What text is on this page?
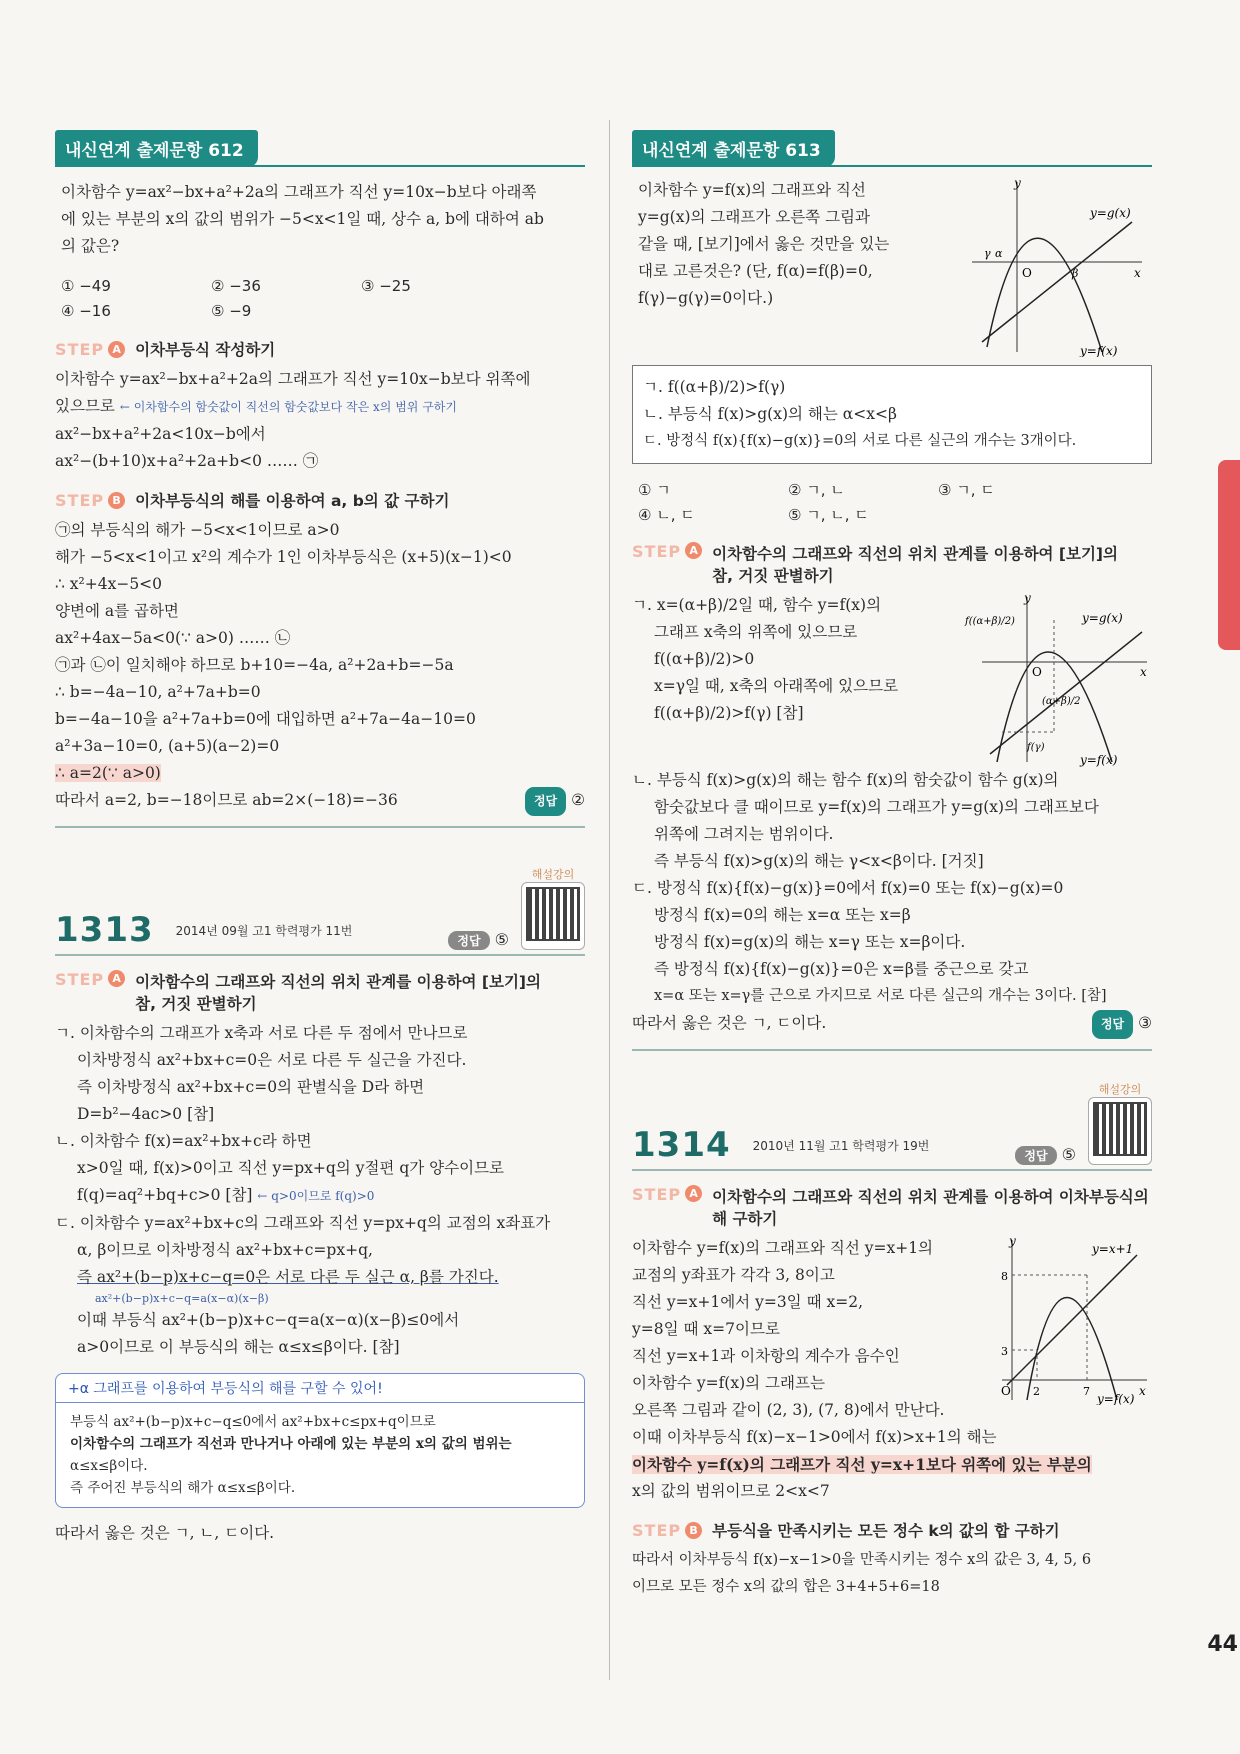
44
내신연계 출제문항 612

이차함수 y=ax²−bx+a²+2a의 그래프가 직선 y=10x−b보다 아래쪽

에 있는 부분의 x의 값의 범위가 −5<x<1일 때, 상수 a, b에 대하여 ab

의 값은?

① −49	② −36	③ −25
④ −16	⑤ −9
STEP A 이차부등식 작성하기

이차함수 y=ax²−bx+a²+2a의 그래프가 직선 y=10x−b보다 위쪽에

있으므로 ← 이차함수의 함숫값이 직선의 함숫값보다 작은 x의 범위 구하기

ax²−bx+a²+2a<10x−b에서

ax²−(b+10)x+a²+2a+b<0 …… ㉠

STEP B 이차부등식의 해를 이용하여 a, b의 값 구하기

㉠의 부등식의 해가 −5<x<1이므로 a>0

해가 −5<x<1이고 x²의 계수가 1인 이차부등식은 (x+5)(x−1)<0

∴ x²+4x−5<0

양변에 a를 곱하면

ax²+4ax−5a<0(∵ a>0) …… ㉡

㉠과 ㉡이 일치해야 하므로 b+10=−4a, a²+2a+b=−5a

∴ b=−4a−10, a²+7a+b=0

b=−4a−10을 a²+7a+b=0에 대입하면 a²+7a−4a−10=0

a²+3a−10=0, (a+5)(a−2)=0

∴ a=2(∵ a>0)

따라서 a=2, b=−18이므로 ab=2×(−18)=−36	정답 ②

1313 2014년 09월 고1 학력평가 11번
정답 ⑤
해설강의
STEP A 이차함수의 그래프와 직선의 위치 관계를 이용하여 [보기]의
참, 거짓 판별하기

ㄱ. 이차함수의 그래프가 x축과 서로 다른 두 점에서 만나므로

이차방정식 ax²+bx+c=0은 서로 다른 두 실근을 가진다.

즉 이차방정식 ax²+bx+c=0의 판별식을 D라 하면

D=b²−4ac>0 [참]

ㄴ. 이차함수 f(x)=ax²+bx+c라 하면

x>0일 때, f(x)>0이고 직선 y=px+q의 y절편 q가 양수이므로

f(q)=aq²+bq+c>0 [참] ← q>0이므로 f(q)>0

ㄷ. 이차함수 y=ax²+bx+c의 그래프와 직선 y=px+q의 교점의 x좌표가

α, β이므로 이차방정식 ax²+bx+c=px+q,

즉 ax²+(b−p)x+c−q=0은 서로 다른 두 실근 α, β를 가진다.

ax²+(b−p)x+c−q=a(x−α)(x−β)

이때 부등식 ax²+(b−p)x+c−q=a(x−α)(x−β)≤0에서

a>0이므로 이 부등식의 해는 α≤x≤β이다. [참]

+α 그래프를 이용하여 부등식의 해를 구할 수 있어!

부등식 ax²+(b−p)x+c−q≤0에서 ax²+bx+c≤px+q이므로

이차함수의 그래프가 직선과 만나거나 아래에 있는 부분의 x의 값의 범위는

α≤x≤β이다.

즉 주어진 부등식의 해가 α≤x≤β이다.

따라서 옳은 것은 ㄱ, ㄴ, ㄷ이다.

내신연계 출제문항 613

이차함수 y=f(x)의 그래프와 직선

y=g(x)의 그래프가 오른쪽 그림과

같을 때, [보기]에서 옳은 것만을 있는

대로 고른것은? (단, f(α)=f(β)=0,

f(γ)−g(γ)=0이다.)

y
x
O
α
γ
β
y=g(x)
y=f(x)

ㄱ. f((α+β)/2)>f(γ)

ㄴ. 부등식 f(x)>g(x)의 해는 α<x<β

ㄷ. 방정식 f(x){f(x)−g(x)}=0의 서로 다른 실근의 개수는 3개이다.

① ㄱ	② ㄱ, ㄴ	③ ㄱ, ㄷ
④ ㄴ, ㄷ	⑤ ㄱ, ㄴ, ㄷ
STEP A 이차함수의 그래프와 직선의 위치 관계를 이용하여 [보기]의
참, 거짓 판별하기

ㄱ. x=(α+β)/2일 때, 함수 y=f(x)의

그래프 x축의 위쪽에 있으므로

f((α+β)/2)>0

x=γ일 때, x축의 아래쪽에 있으므로

f((α+β)/2)>f(γ) [참]

y
x
O
f((α+β)/2)
(α+β)/2
f(γ)
y=g(x)
y=f(x)

ㄴ. 부등식 f(x)>g(x)의 해는 함수 f(x)의 함숫값이 함수 g(x)의

함숫값보다 클 때이므로 y=f(x)의 그래프가 y=g(x)의 그래프보다

위쪽에 그려지는 범위이다.

즉 부등식 f(x)>g(x)의 해는 γ<x<β이다. [거짓]

ㄷ. 방정식 f(x){f(x)−g(x)}=0에서 f(x)=0 또는 f(x)−g(x)=0

방정식 f(x)=0의 해는 x=α 또는 x=β

방정식 f(x)=g(x)의 해는 x=γ 또는 x=β이다.

즉 방정식 f(x){f(x)−g(x)}=0은 x=β를 중근으로 갖고

x=α 또는 x=γ를 근으로 가지므로 서로 다른 실근의 개수는 3이다. [참]

따라서 옳은 것은 ㄱ, ㄷ이다.	정답 ③

1314 2010년 11월 고1 학력평가 19번
정답 ⑤
해설강의
STEP A 이차함수의 그래프와 직선의 위치 관계를 이용하여 이차부등식의
해 구하기

이차함수 y=f(x)의 그래프와 직선 y=x+1의

교점의 y좌표가 각각 3, 8이고

직선 y=x+1에서 y=3일 때 x=2,

y=8일 때 x=7이므로

직선 y=x+1과 이차항의 계수가 음수인

이차함수 y=f(x)의 그래프는

오른쪽 그림과 같이 (2, 3), (7, 8)에서 만난다.

y
x
O
8
3
2	7
y=x+1
y=f(x)

이때 이차부등식 f(x)−x−1>0에서 f(x)>x+1의 해는

이차함수 y=f(x)의 그래프가 직선 y=x+1보다 위쪽에 있는 부분의

x의 값의 범위이므로 2<x<7

STEP B 부등식을 만족시키는 모든 정수 k의 값의 합 구하기

따라서 이차부등식 f(x)−x−1>0을 만족시키는 정수 x의 값은 3, 4, 5, 6

이므로 모든 정수 x의 값의 합은 3+4+5+6=18
